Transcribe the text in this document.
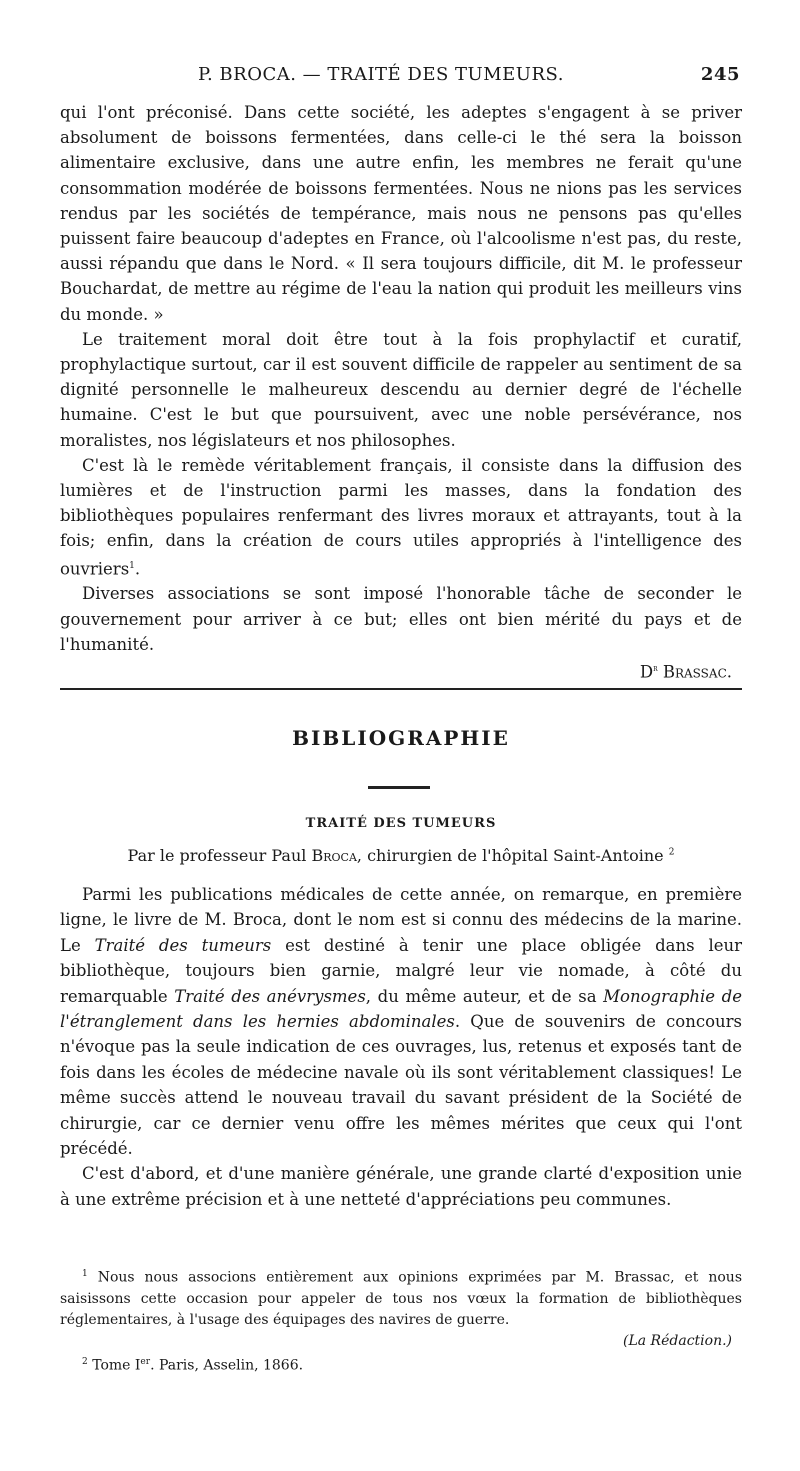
P. BROCA. — TRAITÉ DES TUMEURS.	245

qui l'ont préconisé. Dans cette société, les adeptes s'engagent à se priver absolument de boissons fermentées, dans celle-ci le thé sera la boisson alimentaire exclusive, dans une autre enfin, les membres ne ferait qu'une consommation modérée de boissons fermentées. Nous ne nions pas les services rendus par les sociétés de tempérance, mais nous ne pensons pas qu'elles puissent faire beaucoup d'adeptes en France, où l'alcoolisme n'est pas, du reste, aussi répandu que dans le Nord. « Il sera toujours difficile, dit M. le professeur Bouchardat, de mettre au régime de l'eau la nation qui produit les meilleurs vins du monde. »

Le traitement moral doit être tout à la fois prophylactif et curatif, prophylactique surtout, car il est souvent difficile de rappeler au sentiment de sa dignité personnelle le malheureux descendu au dernier degré de l'échelle humaine. C'est le but que poursuivent, avec une noble persévérance, nos moralistes, nos législateurs et nos philosophes.

C'est là le remède véritablement français, il consiste dans la diffusion des lumières et de l'instruction parmi les masses, dans la fondation des bibliothèques populaires renfermant des livres moraux et attrayants, tout à la fois; enfin, dans la création de cours utiles appropriés à l'intelligence des ouvriers$^1$.

Diverses associations se sont imposé l'honorable tâche de seconder le gouvernement pour arriver à ce but; elles ont bien mérité du pays et de l'humanité.

$D^r$ Brassac.
BIBLIOGRAPHIE
TRAITÉ DES TUMEURS
Par le professeur Paul Broca, chirurgien de l'hôpital Saint-Antoine $^2$

Parmi les publications médicales de cette année, on remarque, en première ligne, le livre de M. Broca, dont le nom est si connu des médecins de la marine. Le Traité des tumeurs est destiné à tenir une place obligée dans leur bibliothèque, toujours bien garnie, malgré leur vie nomade, à côté du remarquable Traité des anévrysmes, du même auteur, et de sa Monographie de l'étranglement dans les hernies abdominales. Que de souvenirs de concours n'évoque pas la seule indication de ces ouvrages, lus, retenus et exposés tant de fois dans les écoles de médecine navale où ils sont véritablement classiques! Le même succès attend le nouveau travail du savant président de la Société de chirurgie, car ce dernier venu offre les mêmes mérites que ceux qui l'ont précédé.

C'est d'abord, et d'une manière générale, une grande clarté d'exposition unie à une extrême précision et à une netteté d'appréciations peu communes.

$^1$ Nous nous associons entièrement aux opinions exprimées par M. Brassac, et nous saisissons cette occasion pour appeler de tous nos vœux la formation de bibliothèques réglementaires, à l'usage des équipages des navires de guerre.

(La Rédaction.)

$^2$ Tome Ier. Paris, Asselin, 1866.
